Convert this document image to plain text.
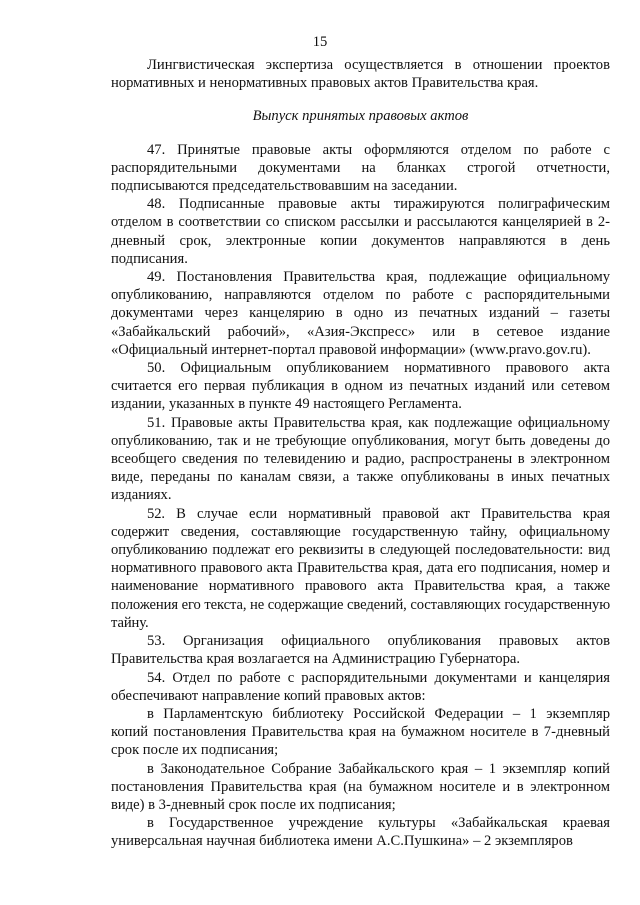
15

Лингвистическая экспертиза осуществляется в отношении проектов нормативных и ненормативных правовых актов Правительства края.

Выпуск принятых правовых актов

47. Принятые правовые акты оформляются отделом по работе с распорядительными документами на бланках строгой отчетности, подписываются председательствовавшим на заседании.

48. Подписанные правовые акты тиражируются полиграфическим отделом в соответствии со списком рассылки и рассылаются канцелярией в 2-дневный срок, электронные копии документов направляются в день подписания.

49. Постановления Правительства края, подлежащие официальному опубликованию, направляются отделом по работе с распорядительными документами через канцелярию в одно из печатных изданий – газеты «Забайкальский рабочий», «Азия-Экспресс» или в сетевое издание «Официальный интернет-портал правовой информации» (www.pravo.gov.ru).

50. Официальным опубликованием нормативного правового акта считается его первая публикация в одном из печатных изданий или сетевом издании, указанных в пункте 49 настоящего Регламента.

51. Правовые акты Правительства края, как подлежащие официальному опубликованию, так и не требующие опубликования, могут быть доведены до всеобщего сведения по телевидению и радио, распространены в электронном виде, переданы по каналам связи, а также опубликованы в иных печатных изданиях.

52. В случае если нормативный правовой акт Правительства края содержит сведения, составляющие государственную тайну, официальному опубликованию подлежат его реквизиты в следующей последовательности: вид нормативного правового акта Правительства края, дата его подписания, номер и наименование нормативного правового акта Правительства края, а также положения его текста, не содержащие сведений, составляющих государственную тайну.

53. Организация официального опубликования правовых актов Правительства края возлагается на Администрацию Губернатора.

54. Отдел по работе с распорядительными документами и канцелярия обеспечивают направление копий правовых актов:

в Парламентскую библиотеку Российской Федерации – 1 экземпляр копий постановления Правительства края на бумажном носителе в 7-дневный срок после их подписания;

в Законодательное Собрание Забайкальского края – 1 экземпляр копий постановления Правительства края (на бумажном носителе и в электронном виде) в 3-дневный срок после их подписания;

в Государственное учреждение культуры «Забайкальская краевая универсальная научная библиотека имени А.С.Пушкина» – 2 экземпляров
